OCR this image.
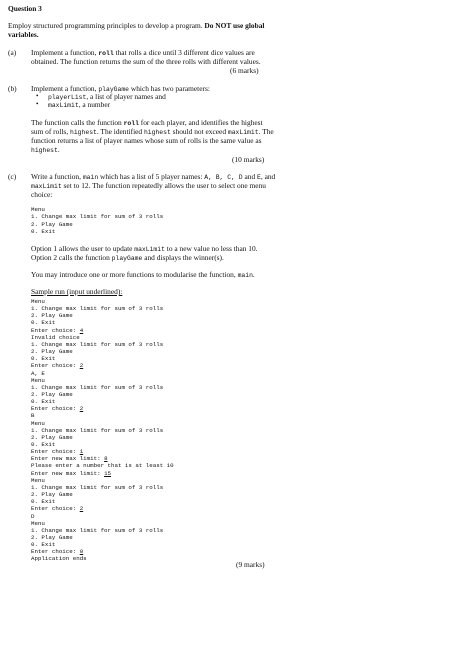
Question 3
Employ structured programming principles to develop a program. Do NOT use global
variables.
(a) Implement a function, roll that rolls a dice until 3 different dice values are
obtained. The function returns the sum of the three rolls with different values.
(6 marks)
(b) Implement a function, playGame which has two parameters:
• playerList, a list of player names and
• maxLimit, a number
The function calls the function roll for each player, and identifies the highest
sum of rolls, highest. The identified highest should not exceed maxLimit. The
function returns a list of player names whose sum of rolls is the same value as
highest.
(10 marks)
(c) Write a function, main which has a list of 5 player names: A, B, C, D and E, and
maxLimit set to 12. The function repeatedly allows the user to select one menu
choice:
Menu
1. Change max limit for sum of 3 rolls
2. Play Game
0. Exit
Option 1 allows the user to update maxLimit to a new value no less than 10.
Option 2 calls the function playGame and displays the winner(s).
You may introduce one or more functions to modularise the function, main.
Sample run (input underlined):
Menu
1. Change max limit for sum of 3 rolls
2. Play Game
0. Exit
Enter choice: 4
Invalid choice
1. Change max limit for sum of 3 rolls
2. Play Game
0. Exit
Enter choice: 2
A, E
Menu
1. Change max limit for sum of 3 rolls
2. Play Game
0. Exit
Enter choice: 2
B
Menu
1. Change max limit for sum of 3 rolls
2. Play Game
0. Exit
Enter choice: 1
Enter new max limit: 8
Please enter a number that is at least 10
Enter new max limit: 15
Menu
1. Change max limit for sum of 3 rolls
2. Play Game
0. Exit
Enter choice: 2
D
Menu
1. Change max limit for sum of 3 rolls
2. Play Game
0. Exit
Enter choice: 0
Application ends
(9 marks)
